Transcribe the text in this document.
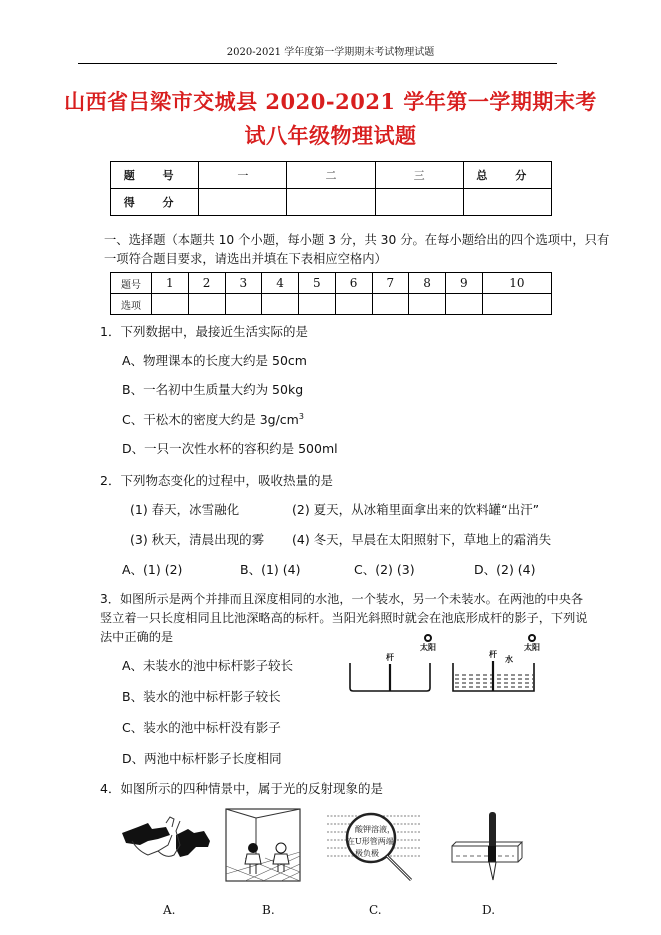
2020-2021 学年度第一学期期末考试物理试题
山西省吕梁市交城县 2020-2021 学年第一学期期末考
试八年级物理试题
题 号	一	二	三	总 分
得 分				
一、选择题（本题共 10 个小题，每小题 3 分，共 30 分。在每小题给出的四个选项中，只有
一项符合题目要求，请选出并填在下表相应空格内）
题号	1	2	3	4	5	6	7	8	9	10
选项										
1．下列数据中，最接近生活实际的是
A、物理课本的长度大约是 50cm
B、一名初中生质量大约为 50kg
C、干松木的密度大约是 $3g/cm^3$
D、一只一次性水杯的容积约是 500ml
2．下列物态变化的过程中，吸收热量的是
(1) 春天，冰雪融化	(2) 夏天，从冰箱里面拿出来的饮料罐“出汗”
(3) 秋天，清晨出现的雾 (4) 冬天，早晨在太阳照射下，草地上的霜消失
A、(1) (2)	B、(1) (4)	C、(2) (3)	D、(2) (4)
3．如图所示是两个并排而且深度相同的水池，一个装水，另一个未装水。在两池的中央各
竖立着一只长度相同且比池深略高的标杆。当阳光斜照时就会在池底形成杆的影子，下列说
法中正确的是
A、未装水的池中标杆影子较长
B、装水的池中标杆影子较长
C、装水的池中标杆没有影子
D、两池中标杆影子长度相同
太阳
杆
太阳
杆 水
4．如图所示的四种情景中，属于光的反射现象的是
酸钾溶液，
在U形管两端
极负极
A.	B.	C.	D.
